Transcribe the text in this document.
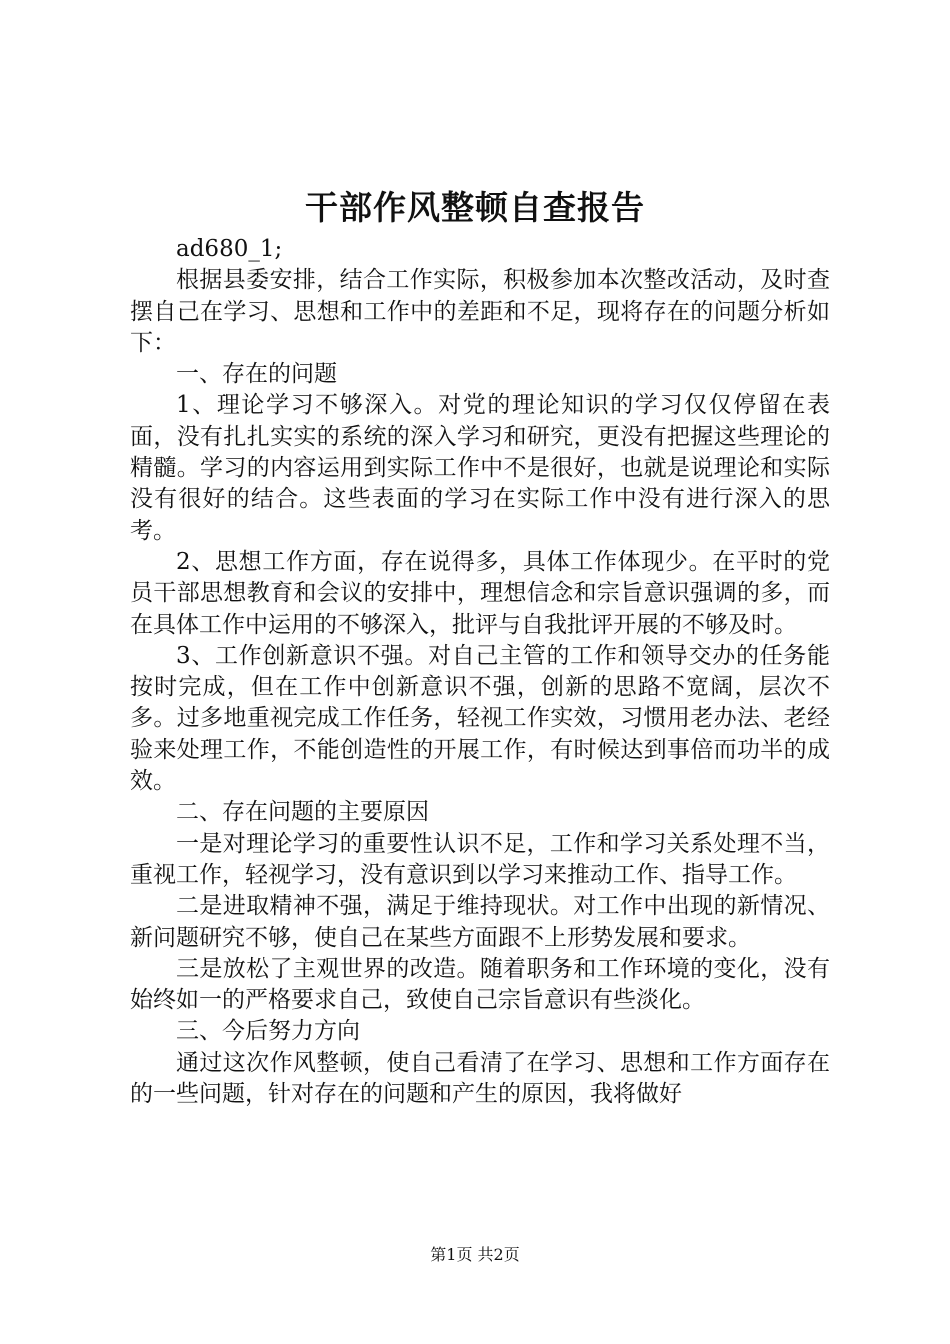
干部作风整顿自查报告

ad680_1;

根据县委安排，结合工作实际，积极参加本次整改活动，及时查摆自己在学习、思想和工作中的差距和不足，现将存在的问题分析如下：

一、存在的问题

1、理论学习不够深入。对党的理论知识的学习仅仅停留在表面，没有扎扎实实的系统的深入学习和研究，更没有把握这些理论的精髓。学习的内容运用到实际工作中不是很好，也就是说理论和实际没有很好的结合。这些表面的学习在实际工作中没有进行深入的思考。

2、思想工作方面，存在说得多，具体工作体现少。在平时的党员干部思想教育和会议的安排中，理想信念和宗旨意识强调的多，而在具体工作中运用的不够深入，批评与自我批评开展的不够及时。

3、工作创新意识不强。对自己主管的工作和领导交办的任务能按时完成，但在工作中创新意识不强，创新的思路不宽阔，层次不多。过多地重视完成工作任务，轻视工作实效，习惯用老办法、老经验来处理工作，不能创造性的开展工作，有时候达到事倍而功半的成效。

二、存在问题的主要原因

一是对理论学习的重要性认识不足，工作和学习关系处理不当，重视工作，轻视学习，没有意识到以学习来推动工作、指导工作。

二是进取精神不强，满足于维持现状。对工作中出现的新情况、新问题研究不够，使自己在某些方面跟不上形势发展和要求。

三是放松了主观世界的改造。随着职务和工作环境的变化，没有始终如一的严格要求自己，致使自己宗旨意识有些淡化。

三、今后努力方向

通过这次作风整顿，使自己看清了在学习、思想和工作方面存在的一些问题，针对存在的问题和产生的原因，我将做好

第1页 共2页
